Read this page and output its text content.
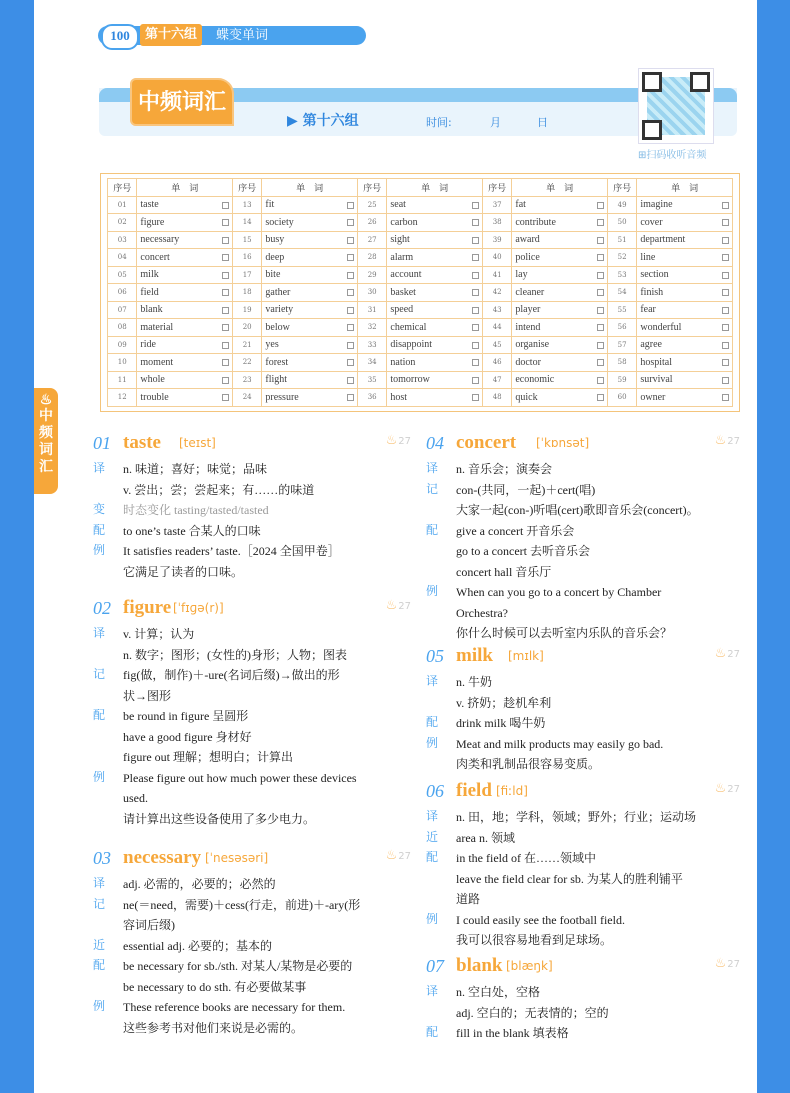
100	第十六组	蝶变单词
中频词汇
▶ 第十六组	时间:	月	日
⊞扫码收听音频
序号	单　词	序号	单　词	序号	单　词	序号	单　词	序号	单　词
01	taste	13	fit	25	seat	37	fat	49	imagine

02	figure	14	society	26	carbon	38	contribute	50	cover

03	necessary	15	busy	27	sight	39	award	51	department

04	concert	16	deep	28	alarm	40	police	52	line

05	milk	17	bite	29	account	41	lay	53	section

06	field	18	gather	30	basket	42	cleaner	54	finish

07	blank	19	variety	31	speed	43	player	55	fear

08	material	20	below	32	chemical	44	intend	56	wonderful

09	ride	21	yes	33	disappoint	45	organise	57	agree

10	moment	22	forest	34	nation	46	doctor	58	hospital

11	whole	23	flight	35	tomorrow	47	economic	59	survival

12	trouble	24	pressure	36	host	48	quick	60	owner
♨
中
频
词
汇
01 taste [teɪst]	♨27
译 n. 味道；喜好；味觉；品味
v. 尝出；尝；尝起来；有……的味道
变 时态变化 tasting/tasted/tasted
配 to one’s taste 合某人的口味
例 It satisfies readers’ taste.［2024 全国甲卷］
它满足了读者的口味。
02 figure [ˈfɪɡə(r)]	♨27
译 v. 计算；认为
n. 数字；图形；(女性的)身形；人物；图表
记 fig(做，制作)＋-ure(名词后缀)→做出的形
状→图形
配 be round in figure 呈圆形
have a good figure 身材好
figure out 理解；想明白；计算出
例 Please figure out how much power these devices
used.
请计算出这些设备使用了多少电力。
03 necessary [ˈnesəsəri]	♨27
译 adj. 必需的，必要的；必然的
记 ne(＝need，需要)＋cess(行走，前进)＋-ary(形
容词后缀)
近 essential adj. 必要的；基本的
配 be necessary for sb./sth. 对某人/某物是必要的
be necessary to do sth. 有必要做某事
例 These reference books are necessary for them.
这些参考书对他们来说是必需的。
04 concert [ˈkɒnsət]	♨27
译 n. 音乐会；演奏会
记 con-(共同，一起)＋cert(唱)
大家一起(con-)听唱(cert)歌即音乐会(concert)。
配 give a concert 开音乐会
go to a concert 去听音乐会
concert hall 音乐厅
例 When can you go to a concert by Chamber
Orchestra?
你什么时候可以去听室内乐队的音乐会？
05 milk [mɪlk]	♨27
译 n. 牛奶
v. 挤奶；趁机牟利
配 drink milk 喝牛奶
例 Meat and milk products may easily go bad.
肉类和乳制品很容易变质。
06 field [fiːld]	♨27
译 n. 田，地；学科，领域；野外；行业；运动场
近 area n. 领域
配 in the field of 在……领域中
leave the field clear for sb. 为某人的胜利铺平
道路
例 I could easily see the football field.
我可以很容易地看到足球场。
07 blank [blæŋk]	♨27
译 n. 空白处，空格
adj. 空白的；无表情的；空的
配 fill in the blank 填表格
